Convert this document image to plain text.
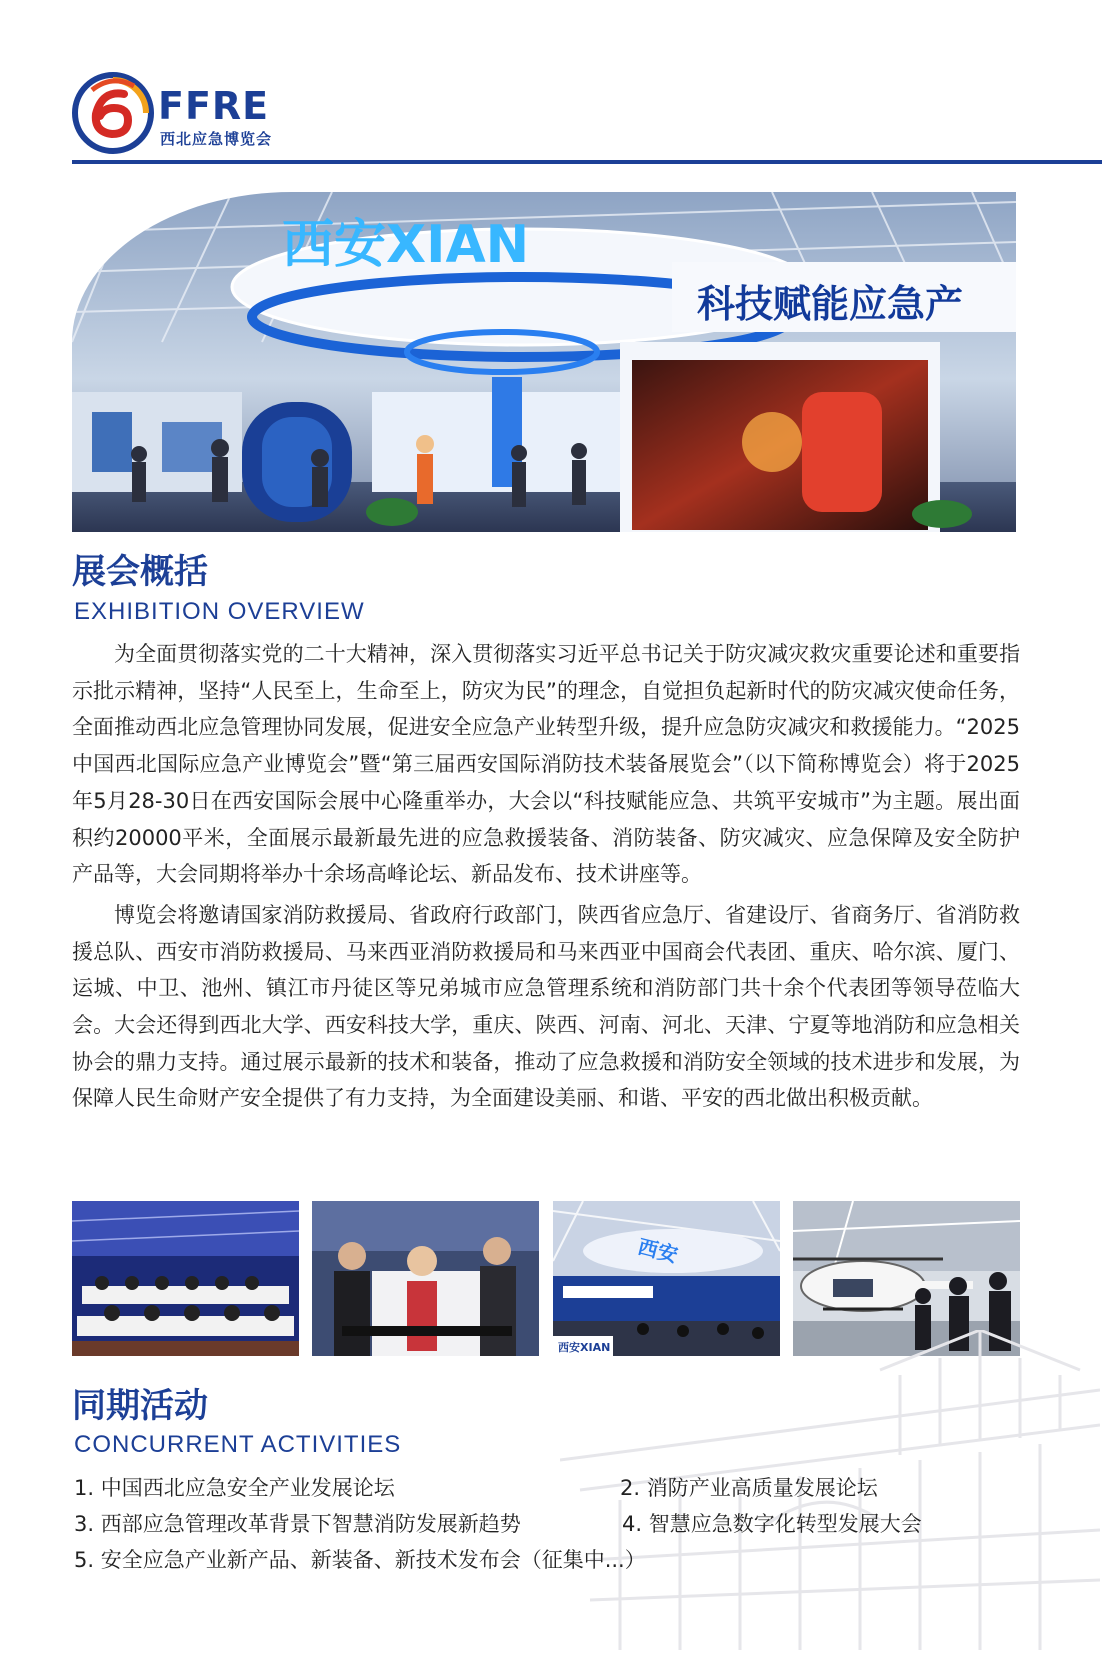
FFRE
西北应急博览会
西安XIAN
科技赋能应急产
展会概括
EXHIBITION OVERVIEW

为全面贯彻落实党的二十大精神，深入贯彻落实习近平总书记关于防灾减灾救灾重要论述和重要指示批示精神，坚持“人民至上，生命至上，防灾为民”的理念，自觉担负起新时代的防灾减灾使命任务，全面推动西北应急管理协同发展，促进安全应急产业转型升级，提升应急防灾减灾和救援能力。“2025中国西北国际应急产业博览会”暨“第三届西安国际消防技术装备展览会”（以下简称博览会）将于2025年5月28-30日在西安国际会展中心隆重举办，大会以“科技赋能应急、共筑平安城市”为主题。展出面积约20000平米，全面展示最新最先进的应急救援装备、消防装备、防灾减灾、应急保障及安全防护产品等，大会同期将举办十余场高峰论坛、新品发布、技术讲座等。

博览会将邀请国家消防救援局、省政府行政部门，陕西省应急厅、省建设厅、省商务厅、省消防救援总队、西安市消防救援局、马来西亚消防救援局和马来西亚中国商会代表团、重庆、哈尔滨、厦门、运城、中卫、池州、镇江市丹徒区等兄弟城市应急管理系统和消防部门共十余个代表团等领导莅临大会。大会还得到西北大学、西安科技大学，重庆、陕西、河南、河北、天津、宁夏等地消防和应急相关协会的鼎力支持。通过展示最新的技术和装备，推动了应急救援和消防安全领域的技术进步和发展，为保障人民生命财产安全提供了有力支持，为全面建设美丽、和谐、平安的西北做出积极贡献。

西安
西安XIAN
同期活动
CONCURRENT ACTIVITIES
1. 中国西北应急安全产业发展论坛	2. 消防产业高质量发展论坛
3. 西部应急管理改革背景下智慧消防发展新趋势	4. 智慧应急数字化转型发展大会
5. 安全应急产业新产品、新装备、新技术发布会（征集中...）
